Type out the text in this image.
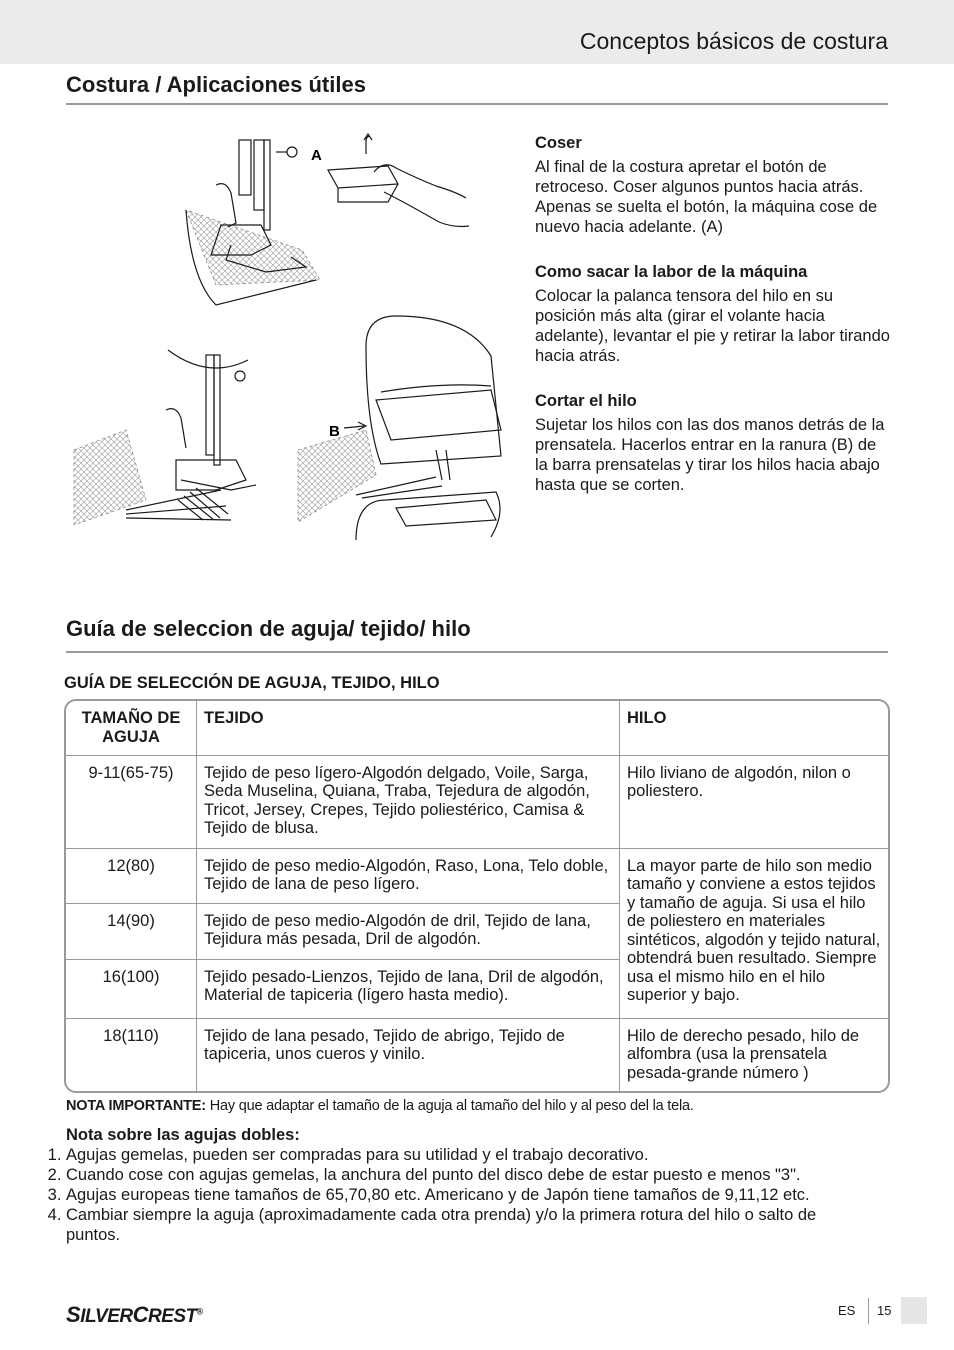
Conceptos básicos de costura
Costura / Aplicaciones útiles
A
B
Coser

Al final de la costura apretar el botón de retroceso. Coser algunos puntos hacia atrás. Apenas se suelta el botón, la máquina cose de nuevo hacia adelante. (A)

Como sacar la labor de la máquina

Colocar la palanca tensora del hilo en su posición más alta (girar el volante hacia adelante), levantar el pie y retirar la labor tirando hacia atrás.

Cortar el hilo

Sujetar los hilos con las dos manos detrás de la prensatela. Hacerlos entrar en la ranura (B) de la barra prensatelas y tirar los hilos hacia abajo hasta que se corten.

Guía de seleccion de aguja/ tejido/ hilo
GUÍA DE SELECCIÓN DE AGUJA, TEJIDO, HILO
TAMAÑO DE AGUJA	TEJIDO	HILO
9-11(65-75)	Tejido de peso lígero-Algodón delgado, Voile, Sarga, Seda Muselina, Quiana, Traba, Tejedura de algodón, Tricot, Jersey, Crepes, Tejido poliestérico, Camisa & Tejido de blusa.	Hilo liviano de algodón, nilon o poliestero.
12(80)	Tejido de peso medio-Algodón, Raso, Lona, Telo doble, Tejido de lana de peso lígero.	La mayor parte de hilo son medio tamaño y conviene a estos tejidos y tamaño de aguja. Si usa el hilo de poliestero en materiales sintéticos, algodón y tejido natural, obtendrá buen resultado. Siempre usa el mismo hilo en el hilo superior y bajo.
14(90)	Tejido de peso medio-Algodón de dril, Tejido de lana, Tejidura más pesada, Dril de algodón.	
16(100)	Tejido pesado-Lienzos, Tejido de lana, Dril de algodón, Material de tapiceria (lígero hasta medio).	
18(110)	Tejido de lana pesado, Tejido de abrigo, Tejido de tapiceria, unos cueros y vinilo.	Hilo de derecho pesado, hilo de alfombra (usa la prensatela pesada-grande número )
NOTA IMPORTANTE: Hay que adaptar el tamaño de la aguja al tamaño del hilo y al peso del la tela.
Nota sobre las agujas dobles:
1. Agujas gemelas, pueden ser compradas para su utilidad y el trabajo decorativo.
2. Cuando cose con agujas gemelas, la anchura del punto del disco debe de estar puesto e menos "3".
3. Agujas europeas tiene tamaños de 65,70,80 etc. Americano y de Japón tiene tamaños de 9,11,12 etc.
4. Cambiar siempre la aguja (aproximadamente cada otra prenda) y/o la primera rotura del hilo o salto de puntos.
SILVERCREST®	ES 15
